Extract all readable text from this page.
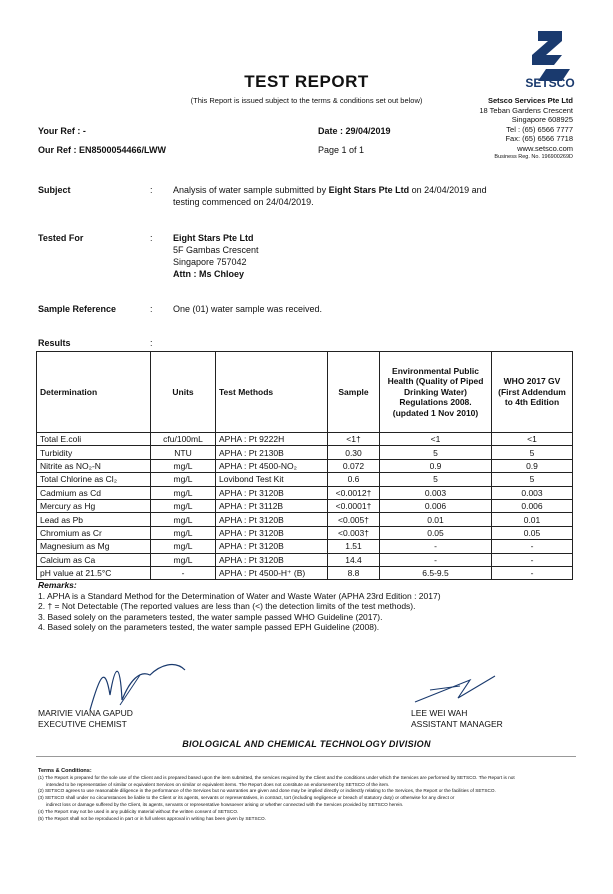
SETSCO
TEST REPORT
(This Report is issued subject to the terms & conditions set out below)	Setsco Services Pte Ltd
18 Teban Gardens Crescent
Singapore 608925
Tel : (65) 6566 7777
Fax: (65) 6566 7718
www.setsco.com
Business Reg. No. 196900269D
Your Ref : -
Our Ref : EN8500054466/LWW
Date : 29/04/2019
Page 1 of 1
Subject	: Analysis of water sample submitted by Eight Stars Pte Ltd on 24/04/2019 and
testing commenced on 24/04/2019.
Tested For	: Eight Stars Pte Ltd
5F Gambas Crescent
Singapore 757042
Attn : Ms Chloey
Sample Reference	: One (01) water sample was received.
Results	:
Determination	Units	Test Methods	Sample	Environmental Public Health (Quality of Piped Drinking Water) Regulations 2008. (updated 1 Nov 2010)	WHO 2017 GV (First Addendum to 4th Edition
Total E.coli	cfu/100mL	APHA : Pt 9222H	<1†	<1	<1
Turbidity	NTU	APHA : Pt 2130B	0.30	5	5
Nitrite as NO₂-N	mg/L	APHA : Pt 4500-NO₂	0.072	0.9	0.9
Total Chlorine as Cl₂	mg/L	Lovibond Test Kit	0.6	5	5
Cadmium as Cd	mg/L	APHA : Pt 3120B	<0.0012†	0.003	0.003
Mercury as Hg	mg/L	APHA : Pt 3112B	<0.0001†	0.006	0.006
Lead as Pb	mg/L	APHA : Pt 3120B	<0.005†	0.01	0.01
Chromium as Cr	mg/L	APHA : Pt 3120B	<0.003†	0.05	0.05
Magnesium as Mg	mg/L	APHA : Pt 3120B	1.51	-	-
Calcium as Ca	mg/L	APHA : Pt 3120B	14.4	-	-
pH value at 21.5°C	-	APHA : Pt 4500-H⁺ (B)	8.8	6.5-9.5	-
Remarks:
1. APHA is a Standard Method for the Determination of Water and Waste Water (APHA 23rd Edition : 2017)
2. † = Not Detectable (The reported values are less than (<) the detection limits of the test methods).
3. Based solely on the parameters tested, the water sample passed WHO Guideline (2017).
4. Based solely on the parameters tested, the water sample passed EPH Guideline (2008).
MARIVIE VIANA GAPUD
EXECUTIVE CHEMIST
LEE WEI WAH
ASSISTANT MANAGER
BIOLOGICAL AND CHEMICAL TECHNOLOGY DIVISION
Terms & Conditions:
(1) The Report is prepared for the sole use of the Client and is prepared based upon the item submitted, the services required by the Client and the conditions under which the Services are performed by SETSCO. The Report is not
intended to be representative of similar or equivalent Services on similar or equivalent items. The Report does not constitute an endorsement by SETSCO of the item.
(2) SETSCO agrees to use reasonable diligence in the performance of the Services but no warranties are given and done may be implied directly or indirectly relating to the Services, the Report or the facilities of SETSCO.
(3) SETSCO shall under no circumstances be liable to the Client or its agents, servants or representatives, in contract, tort (including negligence or breach of statutory duty) or otherwise for any direct or
indirect loss or damage suffered by the Client, its agents, servants or representative howsoever arising or whether connected with the Services provided by SETSCO herein.
(4) The Report may not be used in any publicity material without the written consent of SETSCO.
(5) The Report shall not be reproduced in part or in full unless approval in writing has been given by SETSCO.
